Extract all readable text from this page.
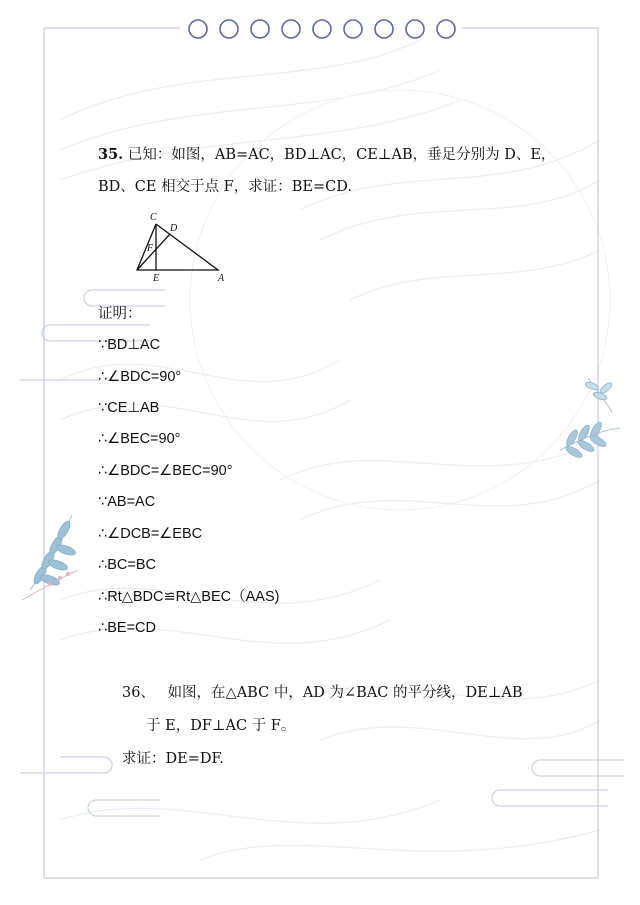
35. 已知：如图，AB=AC，BD⊥AC，CE⊥AB，垂足分别为 D、E，
BD、CE 相交于点 F，求证：BE=CD.
C
D
F
E	A
证明：
∵BD⊥AC
∴∠BDC=90°
∵CE⊥AB
∴∠BEC=90°
∴∠BDC=∠BEC=90°
∵AB=AC
∴∠DCB=∠EBC
∴BC=BC
∴Rt△BDC≌Rt△BEC（AAS)
∴BE=CD
36、 如图，在△ABC 中，AD 为∠BAC 的平分线，DE⊥AB
于 E，DF⊥AC 于 F。
求证：DE=DF.
